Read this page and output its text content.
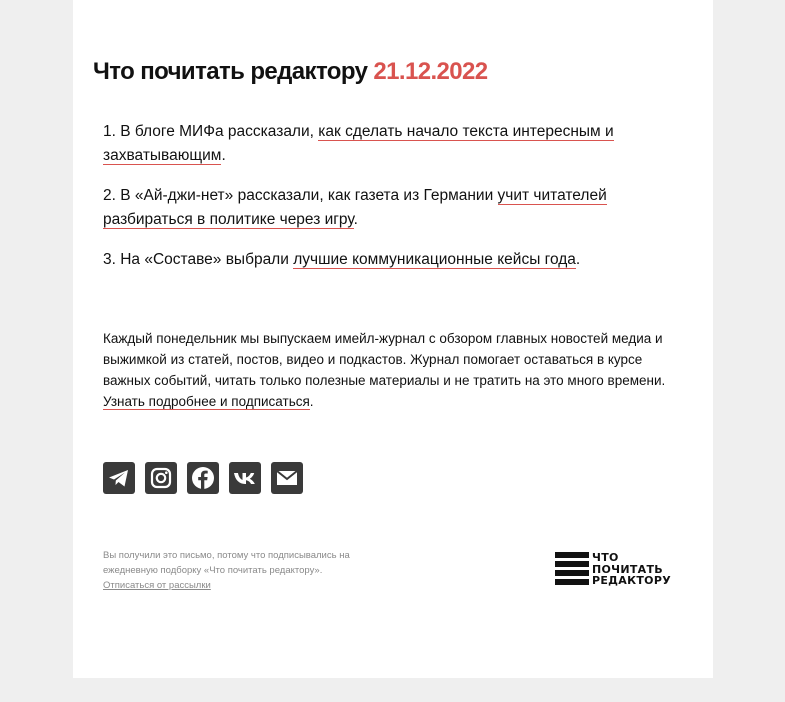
Что почитать редактору 21.12.2022
1. В блоге МИФа рассказали, как сделать начало текста интересным и захватывающим.
2. В «Ай-джи-нет» рассказали, как газета из Германии учит читателей разбираться в политике через игру.
3. На «Составе» выбрали лучшие коммуникационные кейсы года.
Каждый понедельник мы выпускаем имейл-журнал с обзором главных новостей медиа и выжимкой из статей, постов, видео и подкастов. Журнал помогает оставаться в курсе важных событий, читать только полезные материалы и не тратить на это много времени. Узнать подробнее и подписаться.
Вы получили это письмо, потому что подписывались на ежедневную подборку «Что почитать редактору».
Отписаться от рассылки
ЧТО
ПОЧИТАТЬ
РЕДАКТОРУ
